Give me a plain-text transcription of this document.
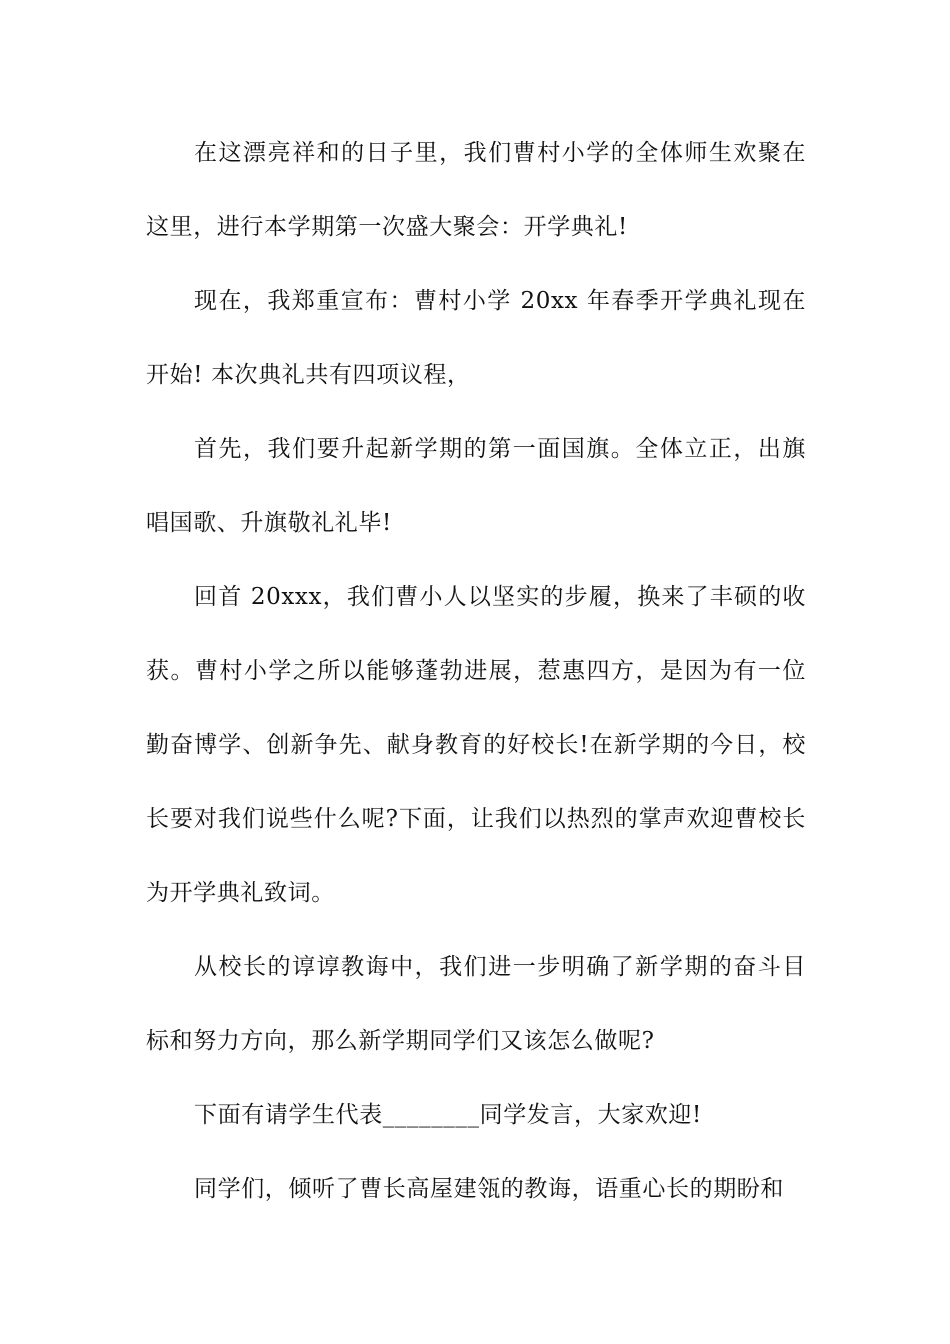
在这漂亮祥和的日子里，我们曹村小学的全体师生欢聚在这里，进行本学期第一次盛大聚会：开学典礼!

现在，我郑重宣布：曹村小学 20xx 年春季开学典礼现在开始! 本次典礼共有四项议程，

首先，我们要升起新学期的第一面国旗。全体立正，出旗唱国歌、升旗敬礼礼毕!

回首 20xxx，我们曹小人以坚实的步履，换来了丰硕的收获。曹村小学之所以能够蓬勃进展，惹惠四方，是因为有一位勤奋博学、创新争先、献身教育的好校长!在新学期的今日，校长要对我们说些什么呢?下面，让我们以热烈的掌声欢迎曹校长为开学典礼致词。

从校长的谆谆教诲中，我们进一步明确了新学期的奋斗目标和努力方向，那么新学期同学们又该怎么做呢?

下面有请学生代表________同学发言，大家欢迎!

同学们，倾听了曹长高屋建瓴的教诲，语重心长的期盼和
